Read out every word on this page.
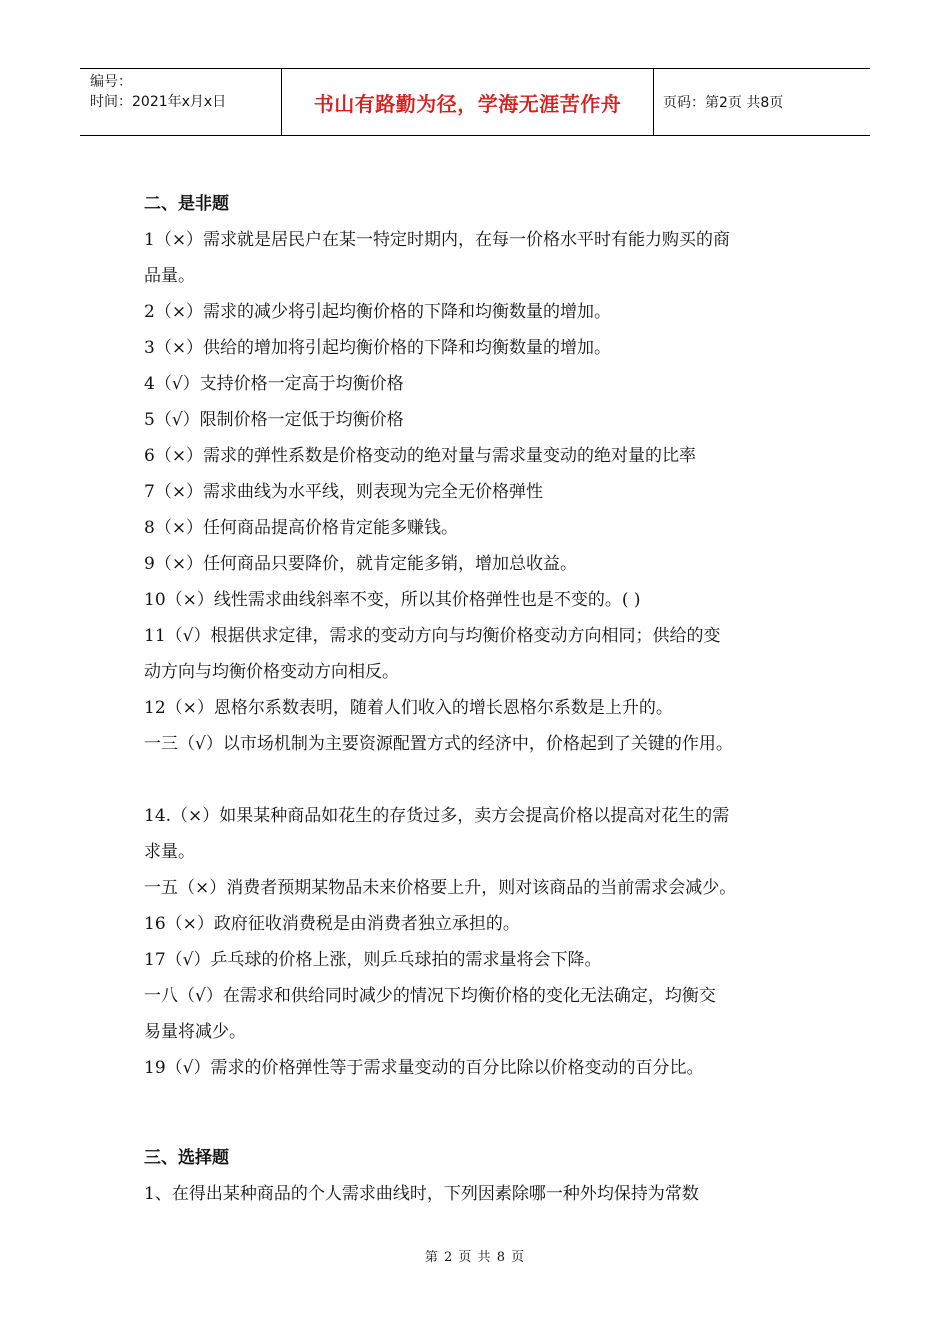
编号：
时间：2021年x月x日	书山有路勤为径，学海无涯苦作舟	页码：第2页 共8页

二、是非题

1（×）需求就是居民户在某一特定时期内，在每一价格水平时有能力购买的商

品量。

2（×）需求的减少将引起均衡价格的下降和均衡数量的增加。

3（×）供给的增加将引起均衡价格的下降和均衡数量的增加。

4（√）支持价格一定高于均衡价格

5（√）限制价格一定低于均衡价格

6（×）需求的弹性系数是价格变动的绝对量与需求量变动的绝对量的比率

7（×）需求曲线为水平线，则表现为完全无价格弹性

8（×）任何商品提高价格肯定能多赚钱。

9（×）任何商品只要降价，就肯定能多销，增加总收益。

10（×）线性需求曲线斜率不变，所以其价格弹性也是不变的。( )

11（√）根据供求定律，需求的变动方向与均衡价格变动方向相同；供给的变

动方向与均衡价格变动方向相反。

12（×）恩格尔系数表明，随着人们收入的增长恩格尔系数是上升的。

一三（√）以市场机制为主要资源配置方式的经济中，价格起到了关键的作用。

14.（×）如果某种商品如花生的存货过多，卖方会提高价格以提高对花生的需

求量。

一五（×）消费者预期某物品未来价格要上升，则对该商品的当前需求会减少。

16（×）政府征收消费税是由消费者独立承担的。

17（√）乒乓球的价格上涨，则乒乓球拍的需求量将会下降。

一八（√）在需求和供给同时减少的情况下均衡价格的变化无法确定，均衡交

易量将减少。

19（√）需求的价格弹性等于需求量变动的百分比除以价格变动的百分比。

三、选择题

1、在得出某种商品的个人需求曲线时，下列因素除哪一种外均保持为常数

第 2 页 共 8 页
